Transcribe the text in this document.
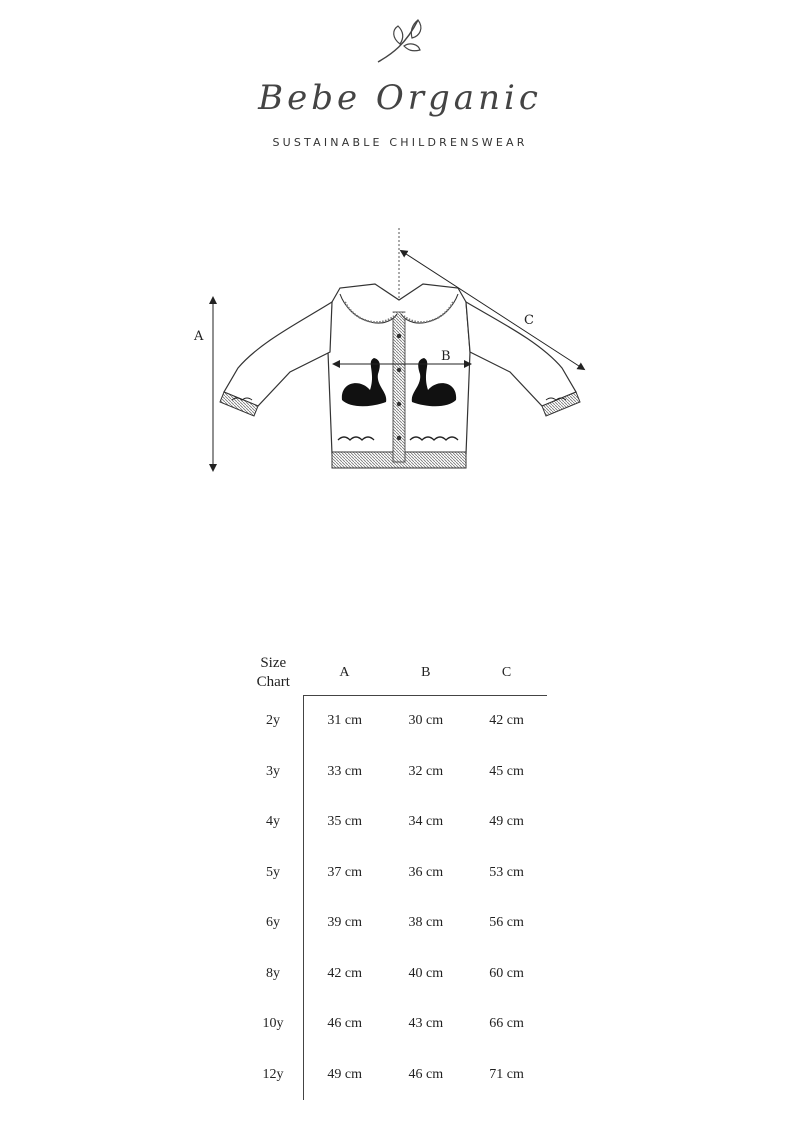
Bebe Organic
SUSTAINABLE CHILDRENSWEAR
A
B
C
Size
Chart	A	B	C
2y	31 cm	30 cm	42 cm
3y	33 cm	32 cm	45 cm
4y	35 cm	34 cm	49 cm
5y	37 cm	36 cm	53 cm
6y	39 cm	38 cm	56 cm
8y	42 cm	40 cm	60 cm
10y	46 cm	43 cm	66 cm
12y	49 cm	46 cm	71 cm
